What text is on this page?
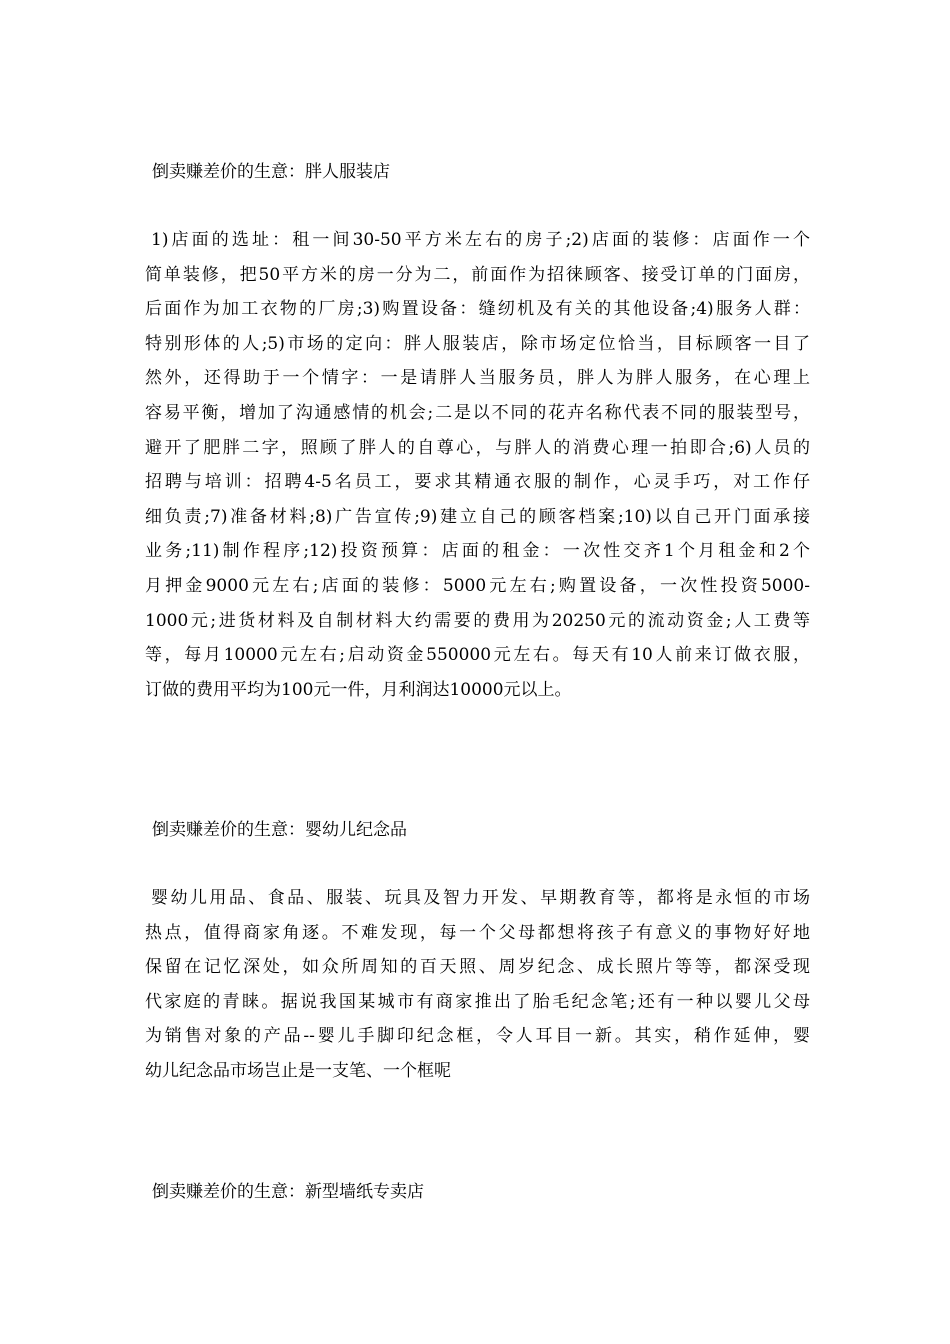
倒卖赚差价的生意：胖人服装店
1)店面的选址：租一间30-50平方米左右的房子;2)店面的装修：店面作一个
简单装修，把50平方米的房一分为二，前面作为招徕顾客、接受订单的门面房，
后面作为加工衣物的厂房;3)购置设备：缝纫机及有关的其他设备;4)服务人群：
特别形体的人;5)市场的定向：胖人服装店，除市场定位恰当，目标顾客一目了
然外，还得助于一个情字：一是请胖人当服务员，胖人为胖人服务，在心理上
容易平衡，增加了沟通感情的机会;二是以不同的花卉名称代表不同的服装型号，
避开了肥胖二字，照顾了胖人的自尊心，与胖人的消费心理一拍即合;6)人员的
招聘与培训：招聘4-5名员工，要求其精通衣服的制作，心灵手巧，对工作仔
细负责;7)准备材料;8)广告宣传;9)建立自己的顾客档案;10)以自己开门面承接
业务;11)制作程序;12)投资预算：店面的租金：一次性交齐1个月租金和2个
月押金9000元左右;店面的装修：5000元左右;购置设备，一次性投资5000-
1000元;进货材料及自制材料大约需要的费用为20250元的流动资金;人工费等
等，每月10000元左右;启动资金550000元左右。每天有10人前来订做衣服，
订做的费用平均为100元一件，月利润达10000元以上。
倒卖赚差价的生意：婴幼儿纪念品
婴幼儿用品、食品、服装、玩具及智力开发、早期教育等，都将是永恒的市场
热点，值得商家角逐。不难发现，每一个父母都想将孩子有意义的事物好好地
保留在记忆深处，如众所周知的百天照、周岁纪念、成长照片等等，都深受现
代家庭的青睐。据说我国某城市有商家推出了胎毛纪念笔;还有一种以婴儿父母
为销售对象的产品--婴儿手脚印纪念框，令人耳目一新。其实，稍作延伸，婴
幼儿纪念品市场岂止是一支笔、一个框呢
倒卖赚差价的生意：新型墙纸专卖店
